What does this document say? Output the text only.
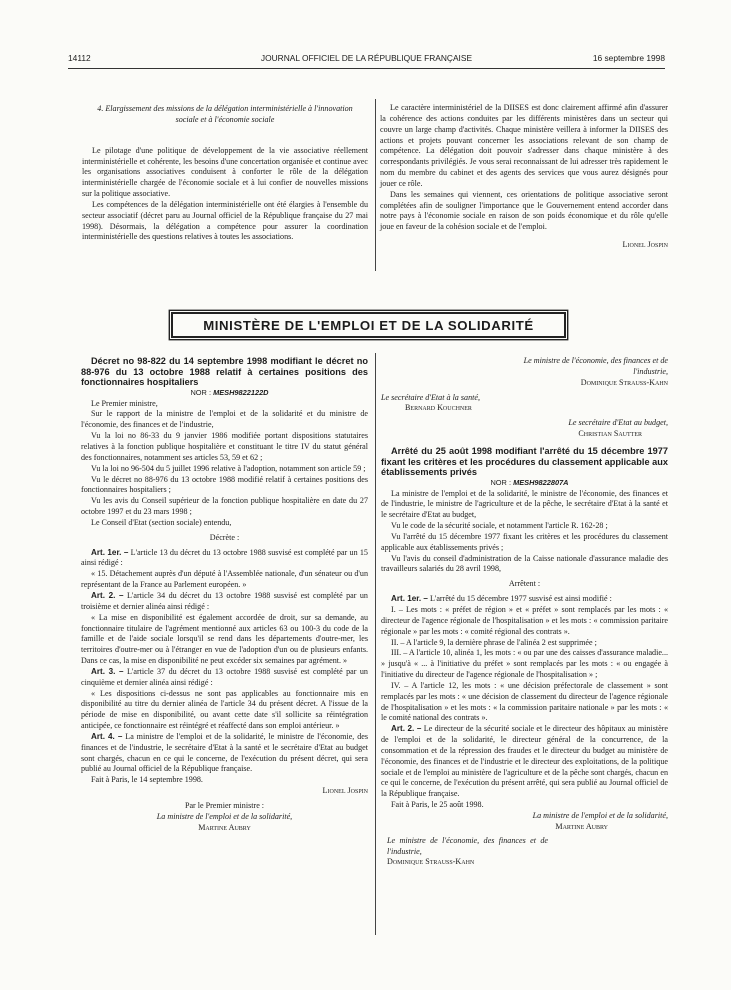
14112	JOURNAL OFFICIEL DE LA RÉPUBLIQUE FRANÇAISE	16 septembre 1998

4. Elargissement des missions de la délégation interministérielle à l'innovation sociale et à l'économie sociale

Le pilotage d'une politique de développement de la vie associative réellement interministérielle et cohérente, les besoins d'une concertation organisée et continue avec les organisations associatives conduisent à conforter le rôle de la délégation interministérielle chargée de l'économie sociale et à lui confier de nouvelles missions sur la politique associative.

Les compétences de la délégation interministérielle ont été élargies à l'ensemble du secteur associatif (décret paru au Journal officiel de la République française du 27 mai 1998). Désormais, la délégation a compétence pour assurer la coordination interministérielle des questions relatives à toutes les associations.

Le caractère interministériel de la DIISES est donc clairement affirmé afin d'assurer la cohérence des actions conduites par les différents ministères dans un secteur qui couvre un large champ d'activités. Chaque ministère veillera à informer la DIISES des actions et projets pouvant concerner les associations relevant de son champ de compétence. La délégation doit pouvoir s'adresser dans chaque ministère à des correspondants privilégiés. Je vous serai reconnaissant de lui adresser très rapidement le nom du membre du cabinet et des agents des services que vous aurez désignés pour jouer ce rôle.

Dans les semaines qui viennent, ces orientations de politique associative seront complétées afin de souligner l'importance que le Gouvernement entend accorder dans notre pays à l'économie sociale en raison de son poids économique et du rôle qu'elle joue en faveur de la cohésion sociale et de l'emploi.

Lionel Jospin

MINISTÈRE DE L'EMPLOI ET DE LA SOLIDARITÉ

Décret no 98-822 du 14 septembre 1998 modifiant le décret no 88-976 du 13 octobre 1988 relatif à certaines positions des fonctionnaires hospitaliers

NOR : MESH9822122D

Le Premier ministre,

Sur le rapport de la ministre de l'emploi et de la solidarité et du ministre de l'économie, des finances et de l'industrie,

Vu la loi no 86-33 du 9 janvier 1986 modifiée portant dispositions statutaires relatives à la fonction publique hospitalière et constituant le titre IV du statut général des fonctionnaires, notamment ses articles 53, 59 et 62 ;

Vu la loi no 96-504 du 5 juillet 1996 relative à l'adoption, notamment son article 59 ;

Vu le décret no 88-976 du 13 octobre 1988 modifié relatif à certaines positions des fonctionnaires hospitaliers ;

Vu les avis du Conseil supérieur de la fonction publique hospitalière en date du 27 octobre 1997 et du 23 mars 1998 ;

Le Conseil d'Etat (section sociale) entendu,

Décrète :

Art. 1er. – L'article 13 du décret du 13 octobre 1988 susvisé est complété par un 15 ainsi rédigé :

« 15. Détachement auprès d'un député à l'Assemblée nationale, d'un sénateur ou d'un représentant de la France au Parlement européen. »

Art. 2. – L'article 34 du décret du 13 octobre 1988 susvisé est complété par un troisième et dernier alinéa ainsi rédigé :

« La mise en disponibilité est également accordée de droit, sur sa demande, au fonctionnaire titulaire de l'agrément mentionné aux articles 63 ou 100-3 du code de la famille et de l'aide sociale lorsqu'il se rend dans les départements d'outre-mer, les territoires d'outre-mer ou à l'étranger en vue de l'adoption d'un ou de plusieurs enfants. Dans ce cas, la mise en disponibilité ne peut excéder six semaines par agrément. »

Art. 3. – L'article 37 du décret du 13 octobre 1988 susvisé est complété par un cinquième et dernier alinéa ainsi rédigé :

« Les dispositions ci-dessus ne sont pas applicables au fonctionnaire mis en disponibilité au titre du dernier alinéa de l'article 34 du présent décret. A l'issue de la période de mise en disponibilité, ou avant cette date s'il sollicite sa réintégration anticipée, ce fonctionnaire est réintégré et réaffecté dans son emploi antérieur. »

Art. 4. – La ministre de l'emploi et de la solidarité, le ministre de l'économie, des finances et de l'industrie, le secrétaire d'Etat à la santé et le secrétaire d'Etat au budget sont chargés, chacun en ce qui le concerne, de l'exécution du présent décret, qui sera publié au Journal officiel de la République française.

Fait à Paris, le 14 septembre 1998.

Lionel Jospin

Par le Premier ministre :

La ministre de l'emploi et de la solidarité,

Martine Aubry

Le ministre de l'économie, des finances et de l'industrie,

Dominique Strauss-Kahn

Le secrétaire d'Etat à la santé,

Bernard Kouchner

Le secrétaire d'Etat au budget,

Christian Sautter

Arrêté du 25 août 1998 modifiant l'arrêté du 15 décembre 1977 fixant les critères et les procédures du classement applicable aux établissements privés

NOR : MESH9822807A

La ministre de l'emploi et de la solidarité, le ministre de l'économie, des finances et de l'industrie, le ministre de l'agriculture et de la pêche, le secrétaire d'Etat à la santé et le secrétaire d'Etat au budget,

Vu le code de la sécurité sociale, et notamment l'article R. 162-28 ;

Vu l'arrêté du 15 décembre 1977 fixant les critères et les procédures du classement applicable aux établissements privés ;

Vu l'avis du conseil d'administration de la Caisse nationale d'assurance maladie des travailleurs salariés du 28 avril 1998,

Arrêtent :

Art. 1er. – L'arrêté du 15 décembre 1977 susvisé est ainsi modifié :

I. – Les mots : « préfet de région » et « préfet » sont remplacés par les mots : « directeur de l'agence régionale de l'hospitalisation » et les mots : « commission paritaire régionale » par les mots : « comité régional des contrats ».

II. – A l'article 9, la dernière phrase de l'alinéa 2 est supprimée ;

III. – A l'article 10, alinéa 1, les mots : « ou par une des caisses d'assurance maladie... » jusqu'à « ... à l'initiative du préfet » sont remplacés par les mots : « ou engagée à l'initiative du directeur de l'agence régionale de l'hospitalisation » ;

IV. – A l'article 12, les mots : « une décision préfectorale de classement » sont remplacés par les mots : « une décision de classement du directeur de l'agence régionale de l'hospitalisation » et les mots : « la commission paritaire nationale » par les mots : « le comité national des contrats ».

Art. 2. – Le directeur de la sécurité sociale et le directeur des hôpitaux au ministère de l'emploi et de la solidarité, le directeur général de la concurrence, de la consommation et de la répression des fraudes et le directeur du budget au ministère de l'économie, des finances et de l'industrie et le directeur des exploitations, de la politique sociale et de l'emploi au ministère de l'agriculture et de la pêche sont chargés, chacun en ce qui le concerne, de l'exécution du présent arrêté, qui sera publié au Journal officiel de la République française.

Fait à Paris, le 25 août 1998.

La ministre de l'emploi et de la solidarité,

Martine Aubry

Le ministre de l'économie, des finances et de l'industrie,

Dominique Strauss-Kahn
